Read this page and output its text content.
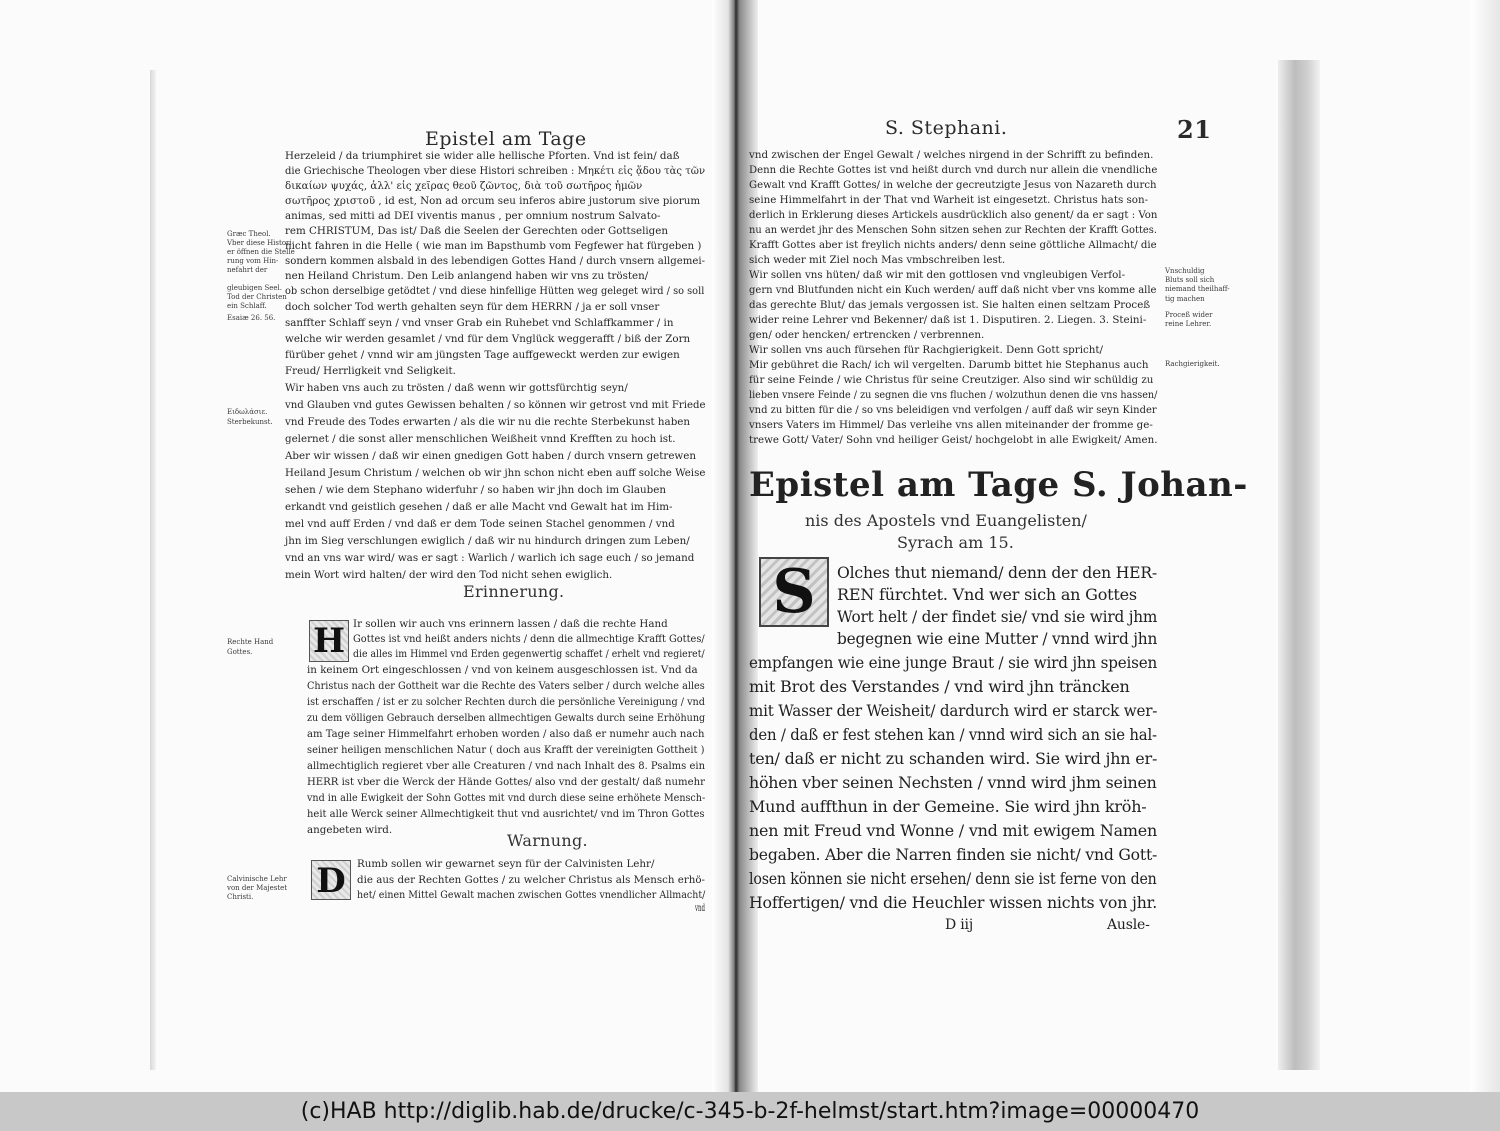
Epistel am Tage
Herzeleid / da triumphiret sie wider alle hellische Pforten. Vnd ist fein/ daß
die Griechische Theologen vber diese Histori schreiben : Μηκέτι εἰς ᾅδου τὰς τῶν
δικαίων ψυχάς, ἀλλ' εἰς χεῖρας θεοῦ ζῶντος, διὰ τοῦ σωτῆρος ἡμῶν
σωτῆρος χριστοῦ , id est, Non ad orcum seu inferos abire justorum sive piorum
animas, sed mitti ad DEI viventis manus , per omnium nostrum Salvato-
rem CHRISTUM, Das ist/ Daß die Seelen der Gerechten oder Gottseligen
nicht fahren in die Helle ( wie man im Bapsthumb vom Fegfewer hat fürgeben )
sondern kommen alsbald in des lebendigen Gottes Hand / durch vnsern allgemei-
nen Heiland Christum. Den Leib anlangend haben wir vns zu trösten/
ob schon derselbige getödtet / vnd diese hinfellige Hütten weg geleget wird / so soll
doch solcher Tod werth gehalten seyn für dem HERRN / ja er soll vnser
sanffter Schlaff seyn / vnd vnser Grab ein Ruhebet vnd Schlaffkammer / in
welche wir werden gesamlet / vnd für dem Vnglück weggerafft / biß der Zorn
fürüber gehet / vnnd wir am jüngsten Tage auffgeweckt werden zur ewigen
Freud/ Herrligkeit vnd Seligkeit.
Wir haben vns auch zu trösten / daß wenn wir gottsfürchtig seyn/
vnd Glauben vnd gutes Gewissen behalten / so können wir getrost vnd mit Friede
vnd Freude des Todes erwarten / als die wir nu die rechte Sterbekunst haben
gelernet / die sonst aller menschlichen Weißheit vnnd Krefften zu hoch ist.
Aber wir wissen / daß wir einen gnedigen Gott haben / durch vnsern getrewen
Heiland Jesum Christum / welchen ob wir jhn schon nicht eben auff solche Weise
sehen / wie dem Stephano widerfuhr / so haben wir jhn doch im Glauben
erkandt vnd geistlich gesehen / daß er alle Macht vnd Gewalt hat im Him-
mel vnd auff Erden / vnd daß er dem Tode seinen Stachel genommen / vnd
jhn im Sieg verschlungen ewiglich / daß wir nu hindurch dringen zum Leben/
vnd an vns war wird/ was er sagt : Warlich / warlich ich sage euch / so jemand
mein Wort wird halten/ der wird den Tod nicht sehen ewiglich.
Græc Theol.
Vber diese Histori
er öffnen die Stelle
rung vom Hin-
nefahrt der
gleubigen Seel.
Tod der Christen
ein Schlaff.
Esaiæ 26. 56.
Ειδωλάσιε.
Sterbekunst.
Erinnerung.
Rechte Hand
Gottes. H Ir sollen wir auch vns erinnern lassen / daß die rechte Hand
Gottes ist vnd heißt anders nichts / denn die allmechtige Krafft Gottes/
die alles im Himmel vnd Erden gegenwertig schaffet / erhelt vnd regieret/
in keinem Ort eingeschlossen / vnd von keinem ausgeschlossen ist. Vnd da
Christus nach der Gottheit war die Rechte des Vaters selber / durch welche alles
ist erschaffen / ist er zu solcher Rechten durch die persönliche Vereinigung / vnd
zu dem völligen Gebrauch derselben allmechtigen Gewalts durch seine Erhöhung
am Tage seiner Himmelfahrt erhoben worden / also daß er numehr auch nach
seiner heiligen menschlichen Natur ( doch aus Krafft der vereinigten Gottheit )
allmechtiglich regieret vber alle Creaturen / vnd nach Inhalt des 8. Psalms ein
HERR ist vber die Werck der Hände Gottes/ also vnd der gestalt/ daß numehr
vnd in alle Ewigkeit der Sohn Gottes mit vnd durch diese seine erhöhete Mensch-
heit alle Werck seiner Allmechtigkeit thut vnd ausrichtet/ vnd im Thron Gottes
angebeten wird.
Warnung.
Calvinische Lehr
von der Majestet
Christi. D	Rumb sollen wir gewarnet seyn für der Calvinisten Lehr/
die aus der Rechten Gottes / zu welcher Christus als Mensch erhö-
het/ einen Mittel Gewalt machen zwischen Gottes vnendlicher Allmacht/
vnd
S. Stephani.	21
vnd zwischen der Engel Gewalt / welches nirgend in der Schrifft zu befinden.
Denn die Rechte Gottes ist vnd heißt durch vnd durch nur allein die vnendliche
Gewalt vnd Krafft Gottes/ in welche der gecreutzigte Jesus von Nazareth durch
seine Himmelfahrt in der That vnd Warheit ist eingesetzt. Christus hats son-
derlich in Erklerung dieses Artickels ausdrücklich also genent/ da er sagt : Von
nu an werdet jhr des Menschen Sohn sitzen sehen zur Rechten der Krafft Gottes.
Krafft Gottes aber ist freylich nichts anders/ denn seine göttliche Allmacht/ die
sich weder mit Ziel noch Mas vmbschreiben lest.
Wir sollen vns hüten/ daß wir mit den gottlosen vnd vngleubigen Verfol-
gern vnd Blutfunden nicht ein Kuch werden/ auff daß nicht vber vns komme alle
das gerechte Blut/ das jemals vergossen ist. Sie halten einen seltzam Proceß
wider reine Lehrer vnd Bekenner/ daß ist 1. Disputiren. 2. Liegen. 3. Steini-
gen/ oder hencken/ ertrencken / verbrennen.
Wir sollen vns auch fürsehen für Rachgierigkeit. Denn Gott spricht/
Mir gebühret die Rach/ ich wil vergelten. Darumb bittet hie Stephanus auch
für seine Feinde / wie Christus für seine Creutziger. Also sind wir schüldig zu
lieben vnsere Feinde / zu segnen die vns fluchen / wolzuthun denen die vns hassen/
vnd zu bitten für die / so vns beleidigen vnd verfolgen / auff daß wir seyn Kinder
vnsers Vaters im Himmel/ Das verleihe vns allen miteinander der fromme ge-
trewe Gott/ Vater/ Sohn vnd heiliger Geist/ hochgelobt in alle Ewigkeit/ Amen.
Vnschuldig
Bluts soll sich
niemand theilhaff-
tig machen
Proceß wider
reine Lehrer.
Rachgierigkeit.
Epistel am Tage S. Johan-
nis des Apostels vnd Euangelisten/
Syrach am 15.
S	Olches thut niemand/ denn der den HER-
REN fürchtet. Vnd wer sich an Gottes
Wort helt / der findet sie/ vnd sie wird jhm
begegnen wie eine Mutter / vnnd wird jhn
empfangen wie eine junge Braut / sie wird jhn speisen
mit Brot des Verstandes / vnd wird jhn träncken
mit Wasser der Weisheit/ dardurch wird er starck wer-
den / daß er fest stehen kan / vnnd wird sich an sie hal-
ten/ daß er nicht zu schanden wird. Sie wird jhn er-
höhen vber seinen Nechsten / vnnd wird jhm seinen
Mund auffthun in der Gemeine. Sie wird jhn kröh-
nen mit Freud vnd Wonne / vnd mit ewigem Namen
begaben. Aber die Narren finden sie nicht/ vnd Gott-
losen können sie nicht ersehen/ denn sie ist ferne von den
Hoffertigen/ vnd die Heuchler wissen nichts von jhr.
D iij	Ausle-
(c)HAB http://diglib.hab.de/drucke/c-345-b-2f-helmst/start.htm?image=00000470
